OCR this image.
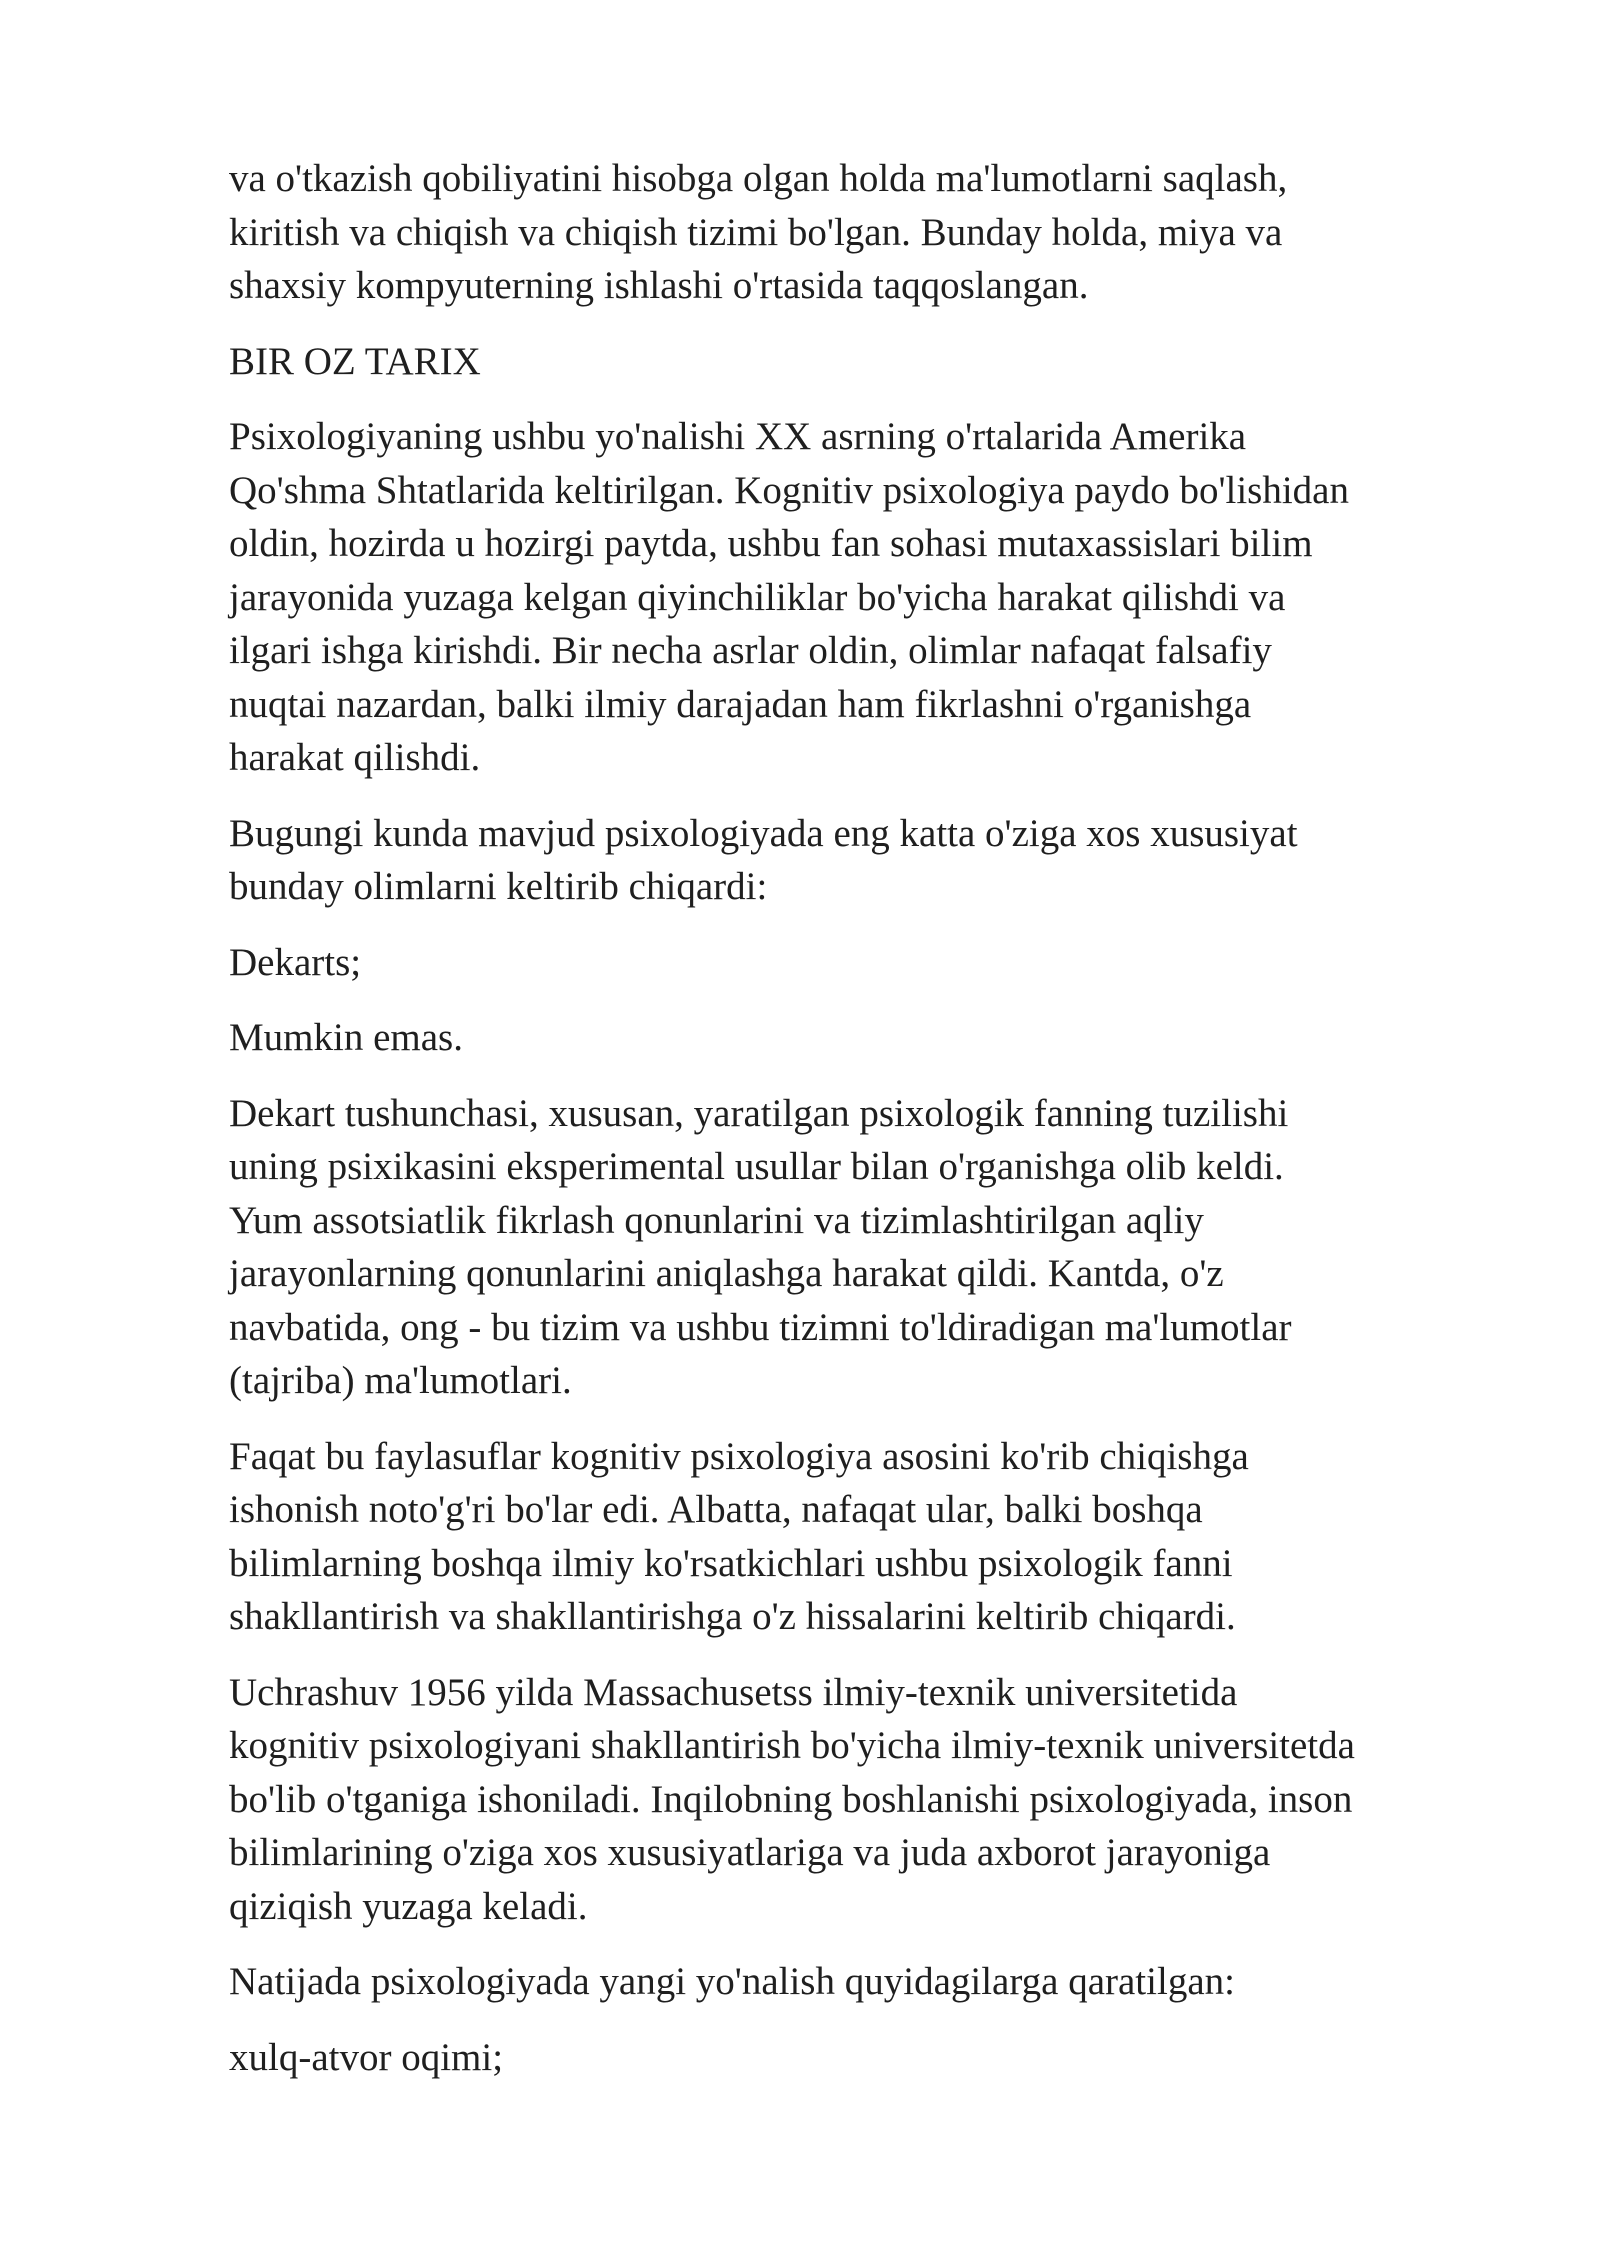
va o'tkazish qobiliyatini hisobga olgan holda ma'lumotlarni saqlash,
kiritish va chiqish va chiqish tizimi bo'lgan. Bunday holda, miya va
shaxsiy kompyuterning ishlashi o'rtasida taqqoslangan.

BIR OZ TARIX

Psixologiyaning ushbu yo'nalishi XX asrning o'rtalarida Amerika
Qo'shma Shtatlarida keltirilgan. Kognitiv psixologiya paydo bo'lishidan
oldin, hozirda u hozirgi paytda, ushbu fan sohasi mutaxassislari bilim
jarayonida yuzaga kelgan qiyinchiliklar bo'yicha harakat qilishdi va
ilgari ishga kirishdi. Bir necha asrlar oldin, olimlar nafaqat falsafiy
nuqtai nazardan, balki ilmiy darajadan ham fikrlashni o'rganishga
harakat qilishdi.

Bugungi kunda mavjud psixologiyada eng katta o'ziga xos xususiyat
bunday olimlarni keltirib chiqardi:

Dekarts;

Mumkin emas.

Dekart tushunchasi, xususan, yaratilgan psixologik fanning tuzilishi
uning psixikasini eksperimental usullar bilan o'rganishga olib keldi.
Yum assotsiatlik fikrlash qonunlarini va tizimlashtirilgan aqliy
jarayonlarning qonunlarini aniqlashga harakat qildi. Kantda, o'z
navbatida, ong - bu tizim va ushbu tizimni to'ldiradigan ma'lumotlar
(tajriba) ma'lumotlari.

Faqat bu faylasuflar kognitiv psixologiya asosini ko'rib chiqishga
ishonish noto'g'ri bo'lar edi. Albatta, nafaqat ular, balki boshqa
bilimlarning boshqa ilmiy ko'rsatkichlari ushbu psixologik fanni
shakllantirish va shakllantirishga o'z hissalarini keltirib chiqardi.

Uchrashuv 1956 yilda Massachusetss ilmiy-texnik universitetida
kognitiv psixologiyani shakllantirish bo'yicha ilmiy-texnik universitetda
bo'lib o'tganiga ishoniladi. Inqilobning boshlanishi psixologiyada, inson
bilimlarining o'ziga xos xususiyatlariga va juda axborot jarayoniga
qiziqish yuzaga keladi.

Natijada psixologiyada yangi yo'nalish quyidagilarga qaratilgan:

xulq-atvor oqimi;
